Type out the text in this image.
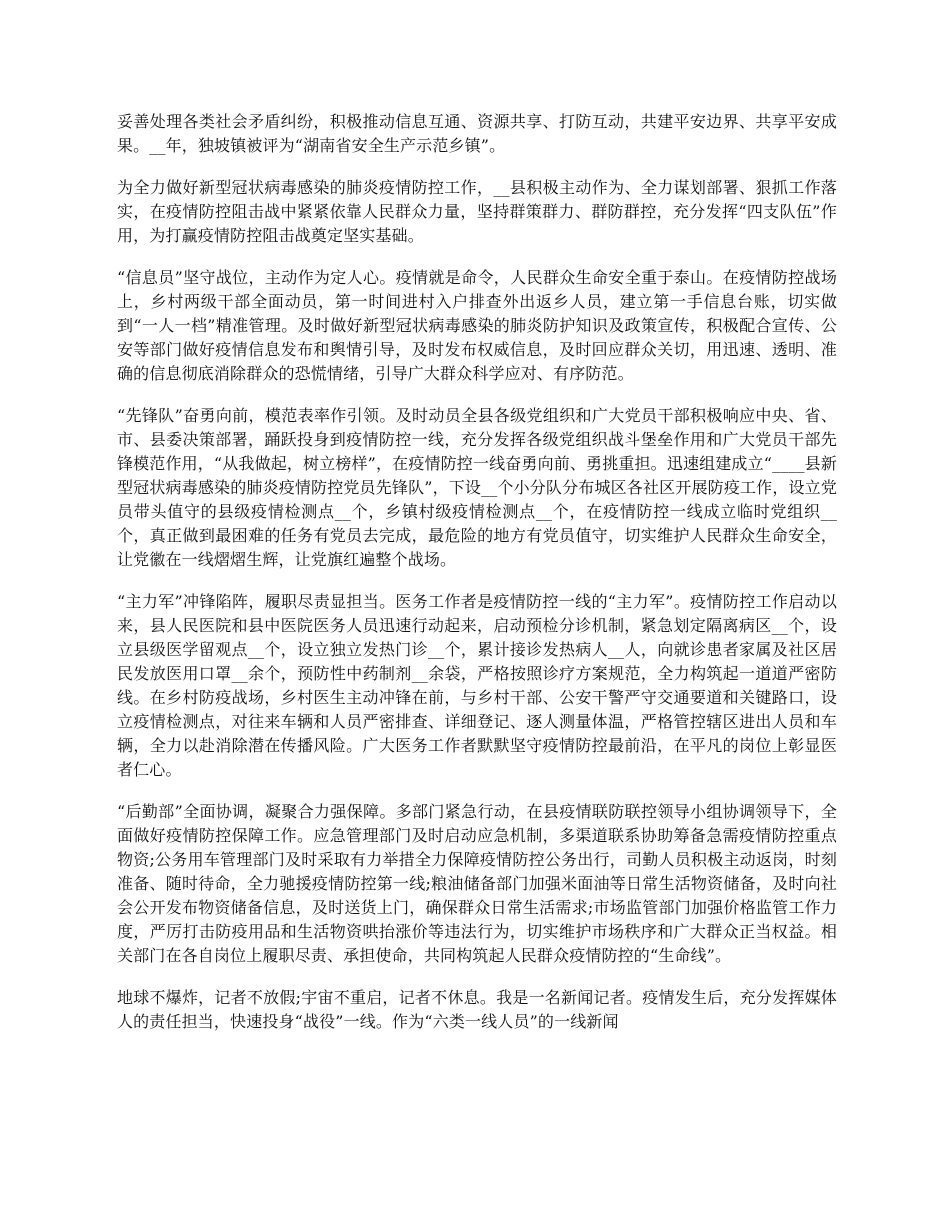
妥善处理各类社会矛盾纠纷，积极推动信息互通、资源共享、打防互动，共建平安边界、共享平安成果。__年，独坡镇被评为“湖南省安全生产示范乡镇”。

为全力做好新型冠状病毒感染的肺炎疫情防控工作，__县积极主动作为、全力谋划部署、狠抓工作落实，在疫情防控阻击战中紧紧依靠人民群众力量，坚持群策群力、群防群控，充分发挥“四支队伍”作用，为打赢疫情防控阻击战奠定坚实基础。

“信息员”坚守战位，主动作为定人心。疫情就是命令，人民群众生命安全重于泰山。在疫情防控战场上，乡村两级干部全面动员，第一时间进村入户排查外出返乡人员，建立第一手信息台账，切实做到“一人一档”精准管理。及时做好新型冠状病毒感染的肺炎防护知识及政策宣传，积极配合宣传、公安等部门做好疫情信息发布和舆情引导，及时发布权威信息，及时回应群众关切，用迅速、透明、准确的信息彻底消除群众的恐慌情绪，引导广大群众科学应对、有序防范。

“先锋队”奋勇向前，模范表率作引领。及时动员全县各级党组织和广大党员干部积极响应中央、省、市、县委决策部署，踊跃投身到疫情防控一线，充分发挥各级党组织战斗堡垒作用和广大党员干部先锋模范作用，“从我做起，树立榜样”，在疫情防控一线奋勇向前、勇挑重担。迅速组建成立“____县新型冠状病毒感染的肺炎疫情防控党员先锋队”，下设__个小分队分布城区各社区开展防疫工作，设立党员带头值守的县级疫情检测点__个，乡镇村级疫情检测点__个，在疫情防控一线成立临时党组织__个，真正做到最困难的任务有党员去完成，最危险的地方有党员值守，切实维护人民群众生命安全，让党徽在一线熠熠生辉，让党旗红遍整个战场。

“主力军”冲锋陷阵，履职尽责显担当。医务工作者是疫情防控一线的“主力军”。疫情防控工作启动以来，县人民医院和县中医院医务人员迅速行动起来，启动预检分诊机制，紧急划定隔离病区__个，设立县级医学留观点__个，设立独立发热门诊__个，累计接诊发热病人__人，向就诊患者家属及社区居民发放医用口罩__余个，预防性中药制剂__余袋，严格按照诊疗方案规范，全力构筑起一道道严密防线。在乡村防疫战场，乡村医生主动冲锋在前，与乡村干部、公安干警严守交通要道和关键路口，设立疫情检测点，对往来车辆和人员严密排查、详细登记、逐人测量体温，严格管控辖区进出人员和车辆，全力以赴消除潜在传播风险。广大医务工作者默默坚守疫情防控最前沿，在平凡的岗位上彰显医者仁心。

“后勤部”全面协调，凝聚合力强保障。多部门紧急行动，在县疫情联防联控领导小组协调领导下，全面做好疫情防控保障工作。应急管理部门及时启动应急机制，多渠道联系协助筹备急需疫情防控重点物资;公务用车管理部门及时采取有力举措全力保障疫情防控公务出行，司勤人员积极主动返岗，时刻准备、随时待命，全力驰援疫情防控第一线;粮油储备部门加强米面油等日常生活物资储备，及时向社会公开发布物资储备信息，及时送货上门，确保群众日常生活需求;市场监管部门加强价格监管工作力度，严厉打击防疫用品和生活物资哄抬涨价等违法行为，切实维护市场秩序和广大群众正当权益。相关部门在各自岗位上履职尽责、承担使命，共同构筑起人民群众疫情防控的“生命线”。

地球不爆炸，记者不放假;宇宙不重启，记者不休息。我是一名新闻记者。疫情发生后，充分发挥媒体人的责任担当，快速投身“战役”一线。作为“六类一线人员”的一线新闻
